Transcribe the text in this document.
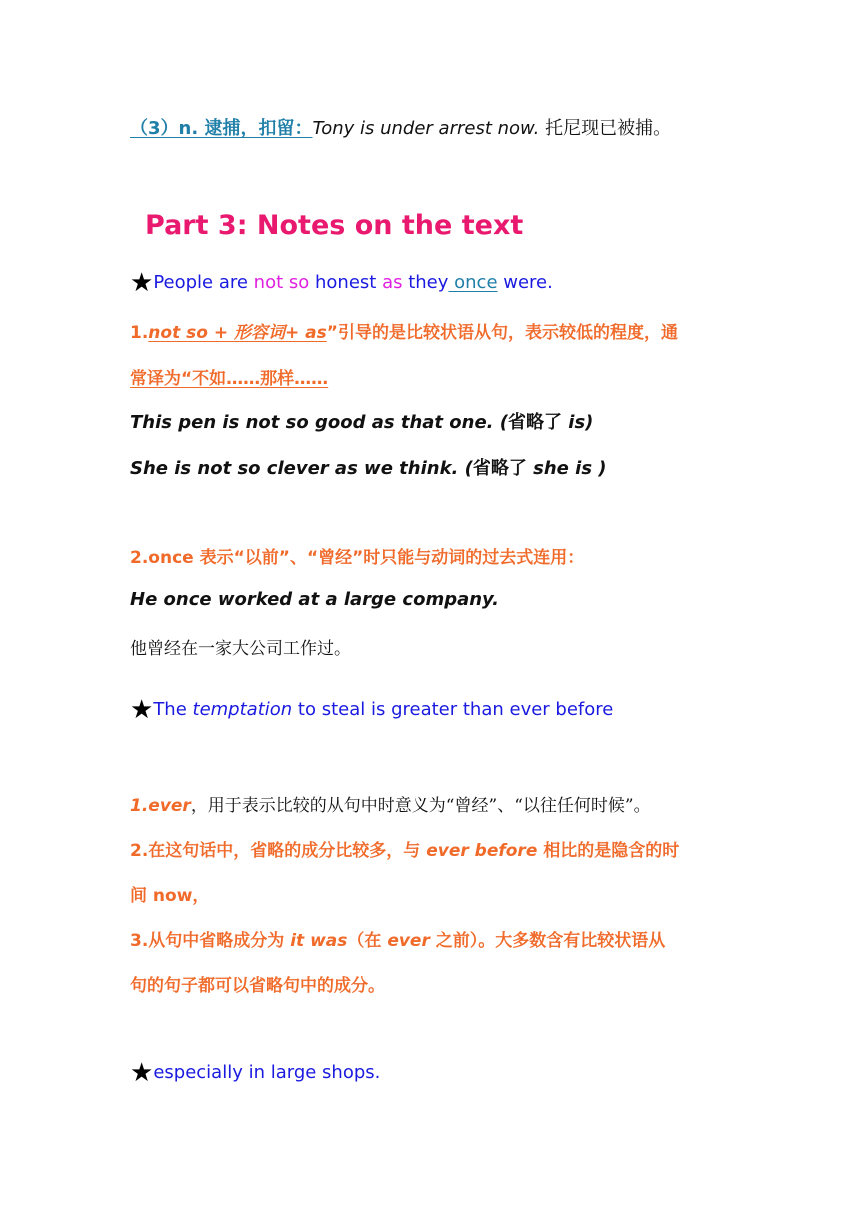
（3）n. 逮捕，扣留：Tony is under arrest now. 托尼现已被捕。
Part 3: Notes on the text
★People are not so honest as they once were.
1.not so + 形容词+ as”引导的是比较状语从句，表示较低的程度，通
常译为“不如……那样……
This pen is not so good as that one. (省略了 is)
She is not so clever as we think. (省略了 she is )
2.once 表示“以前”、“曾经”时只能与动词的过去式连用：
He once worked at a large company.
他曾经在一家大公司工作过。
★The temptation to steal is greater than ever before
1.ever，用于表示比较的从句中时意义为“曾经”、“以往任何时候”。
2.在这句话中，省略的成分比较多，与 ever before 相比的是隐含的时
间 now，
3.从句中省略成分为 it was（在 ever 之前）。大多数含有比较状语从
句的句子都可以省略句中的成分。
★especially in large shops.
